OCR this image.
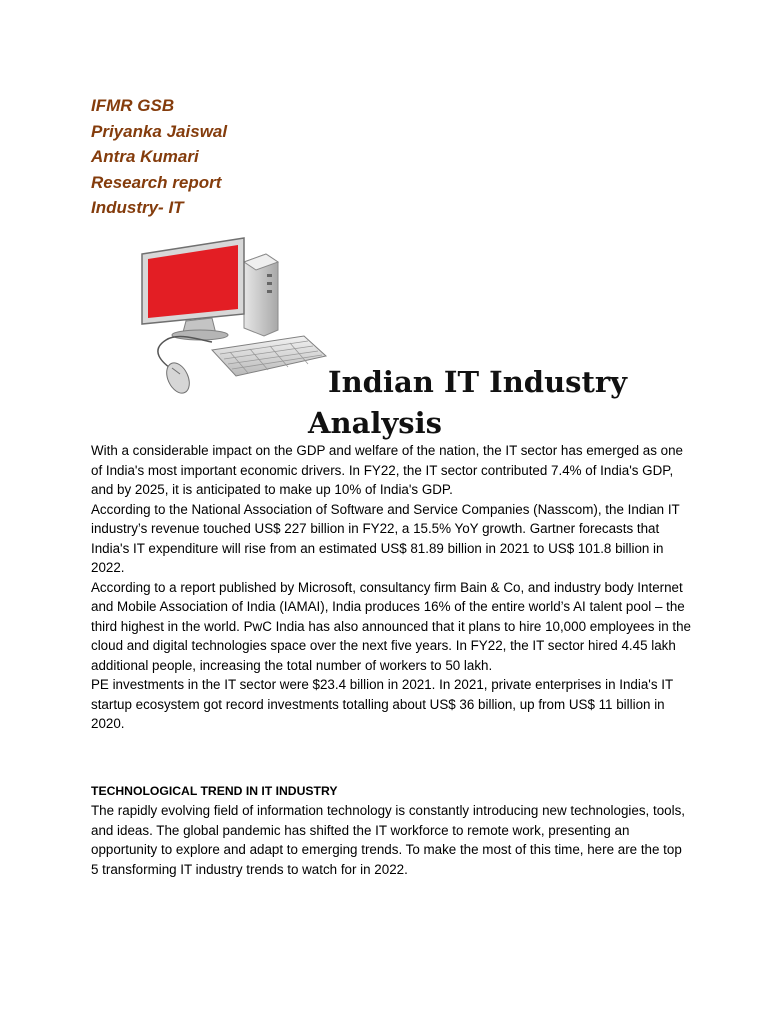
IFMR GSB
Priyanka Jaiswal
Antra Kumari
Research report
Industry- IT
Indian IT Industry
Analysis

With a considerable impact on the GDP and welfare of the nation, the IT sector has emerged as one of India's most important economic drivers. In FY22, the IT sector contributed 7.4% of India's GDP, and by 2025, it is anticipated to make up 10% of India's GDP.

According to the National Association of Software and Service Companies (Nasscom), the Indian IT industry’s revenue touched US$ 227 billion in FY22, a 15.5% YoY growth. Gartner forecasts that India's IT expenditure will rise from an estimated US$ 81.89 billion in 2021 to US$ 101.8 billion in 2022.

According to a report published by Microsoft, consultancy firm Bain & Co, and industry body Internet and Mobile Association of India (IAMAI), India produces 16% of the entire world’s AI talent pool – the third highest in the world. PwC India has also announced that it plans to hire 10,000 employees in the cloud and digital technologies space over the next five years. In FY22, the IT sector hired 4.45 lakh additional people, increasing the total number of workers to 50 lakh.

PE investments in the IT sector were $23.4 billion in 2021. In 2021, private enterprises in India's IT startup ecosystem got record investments totalling about US$ 36 billion, up from US$ 11 billion in 2020.

TECHNOLOGICAL TREND IN IT INDUSTRY

The rapidly evolving field of information technology is constantly introducing new technologies, tools, and ideas. The global pandemic has shifted the IT workforce to remote work, presenting an opportunity to explore and adapt to emerging trends. To make the most of this time, here are the top 5 transforming IT industry trends to watch for in 2022.
